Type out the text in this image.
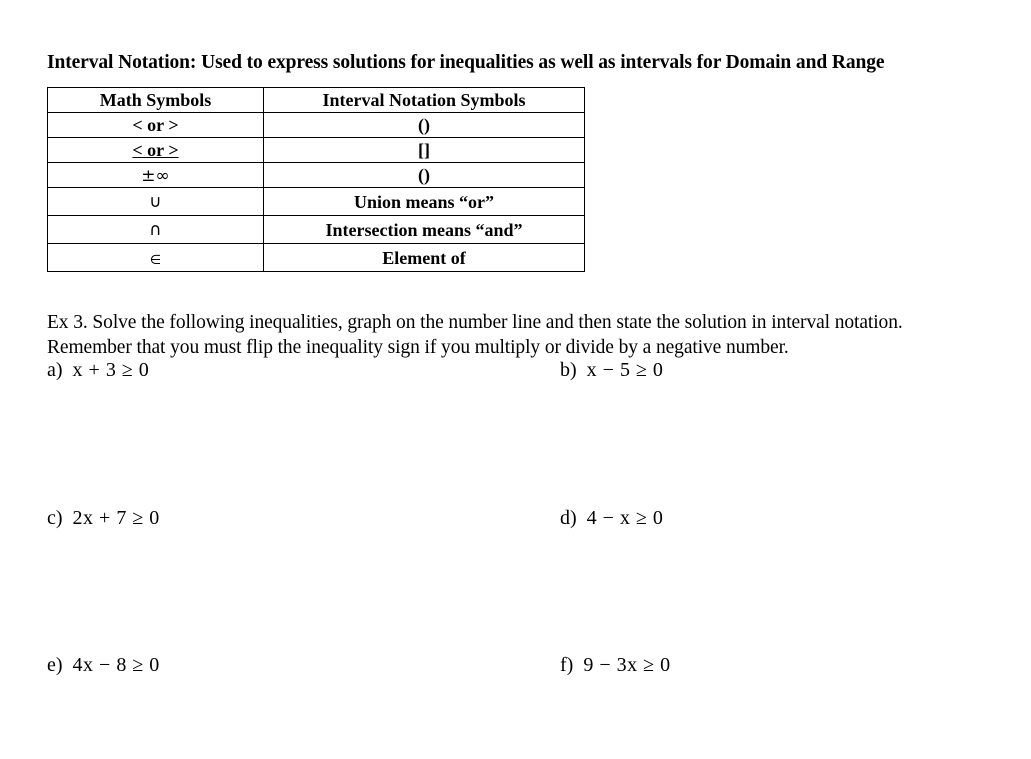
Interval Notation: Used to express solutions for inequalities as well as intervals for Domain and Range
Math Symbols	Interval Notation Symbols
< or >	()
< or >	[]
±∞	()
∪	Union means “or”
∩	Intersection means “and”
∈	Element of
Ex 3. Solve the following inequalities, graph on the number line and then state the solution in interval notation.
Remember that you must flip the inequality sign if you multiply or divide by a negative number.
a) x + 3 ≥ 0	b) x − 5 ≥ 0
c) 2x + 7 ≥ 0	d) 4 − x ≥ 0
e) 4x − 8 ≥ 0	f) 9 − 3x ≥ 0
